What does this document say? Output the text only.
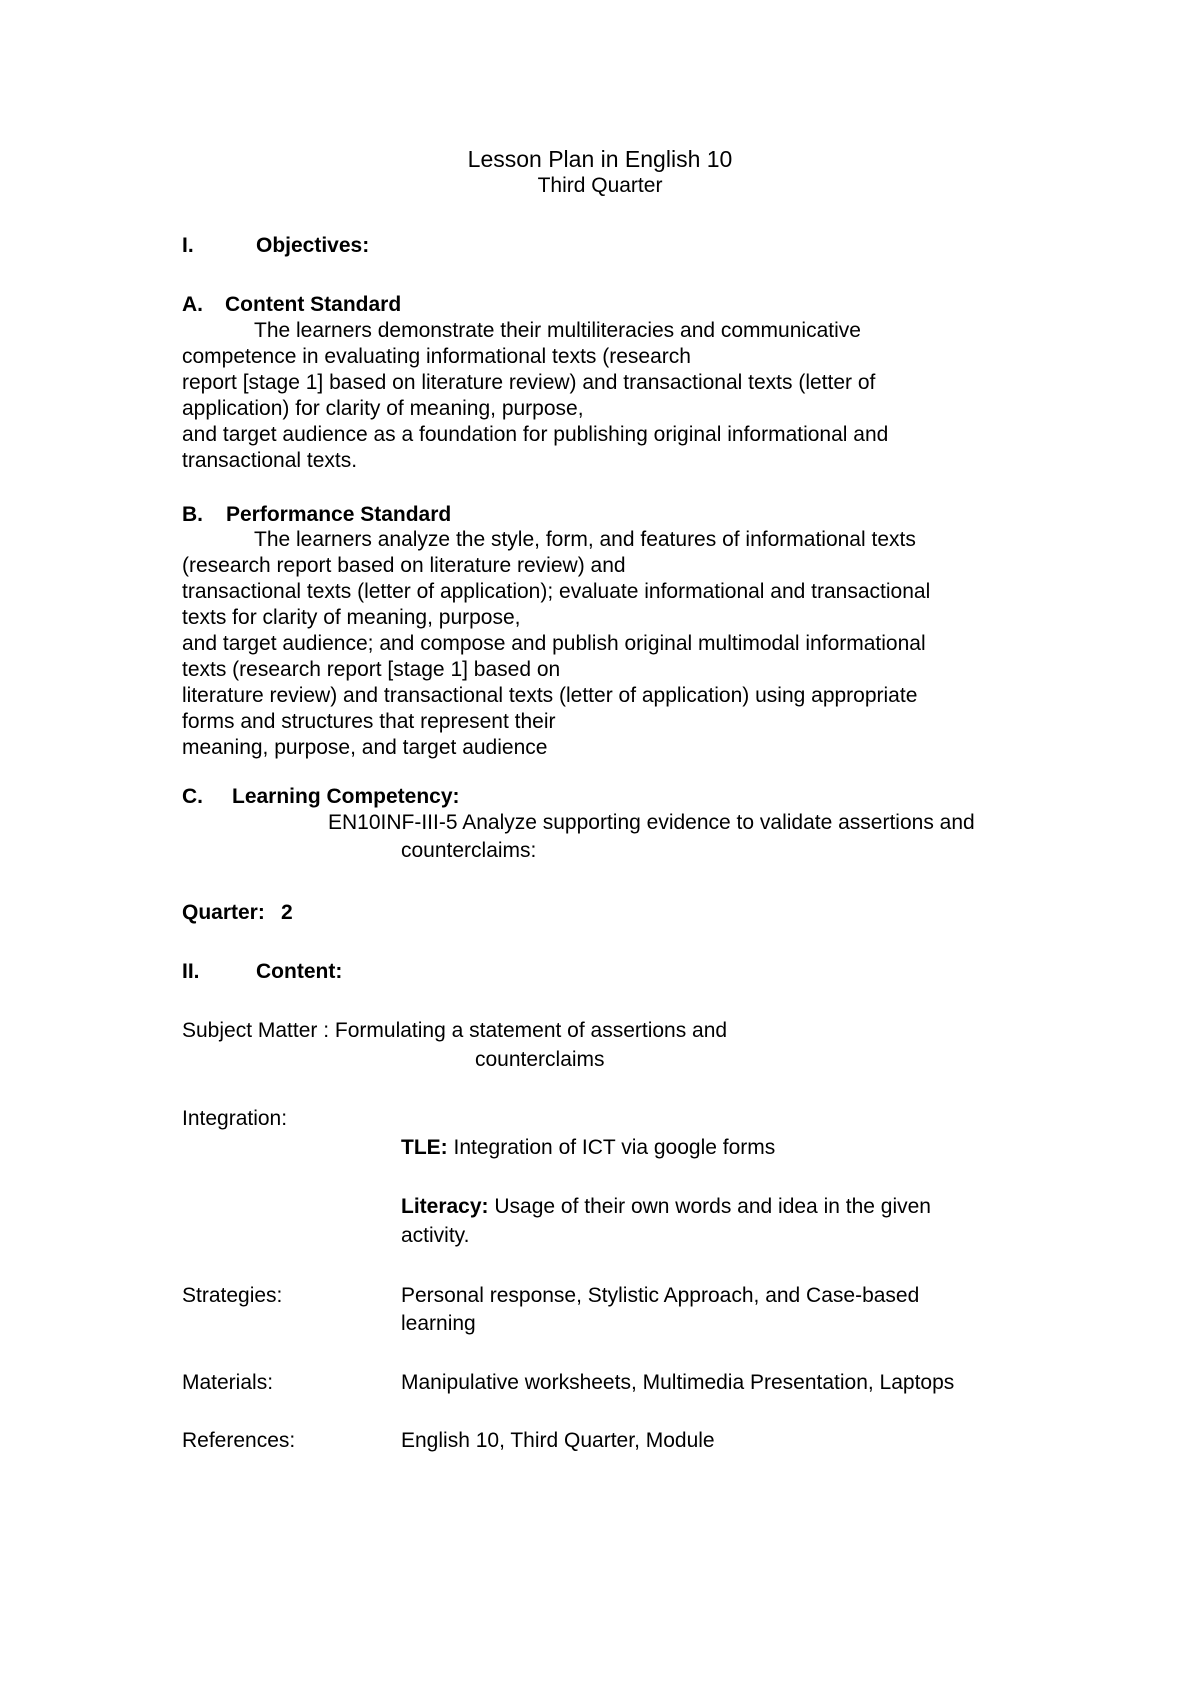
Lesson Plan in English 10
Third Quarter
I.	Objectives:
A. Content Standard
The learners demonstrate their multiliteracies and communicative
competence in evaluating informational texts (research
report [stage 1] based on literature review) and transactional texts (letter of
application) for clarity of meaning, purpose,
and target audience as a foundation for publishing original informational and
transactional texts.
B. Performance Standard
The learners analyze the style, form, and features of informational texts
(research report based on literature review) and
transactional texts (letter of application); evaluate informational and transactional
texts for clarity of meaning, purpose,
and target audience; and compose and publish original multimodal informational
texts (research report [stage 1] based on
literature review) and transactional texts (letter of application) using appropriate
forms and structures that represent their
meaning, purpose, and target audience
C. Learning Competency:
EN10INF-III-5 Analyze supporting evidence to validate assertions and
counterclaims:
Quarter: 2
II.	Content:
Subject Matter : Formulating a statement of assertions and
counterclaims
Integration:
TLE: Integration of ICT via google forms
Literacy: Usage of their own words and idea in the given
activity.
Strategies:	Personal response, Stylistic Approach, and Case-based
learning
Materials:	Manipulative worksheets, Multimedia Presentation, Laptops
References:	English 10, Third Quarter, Module
